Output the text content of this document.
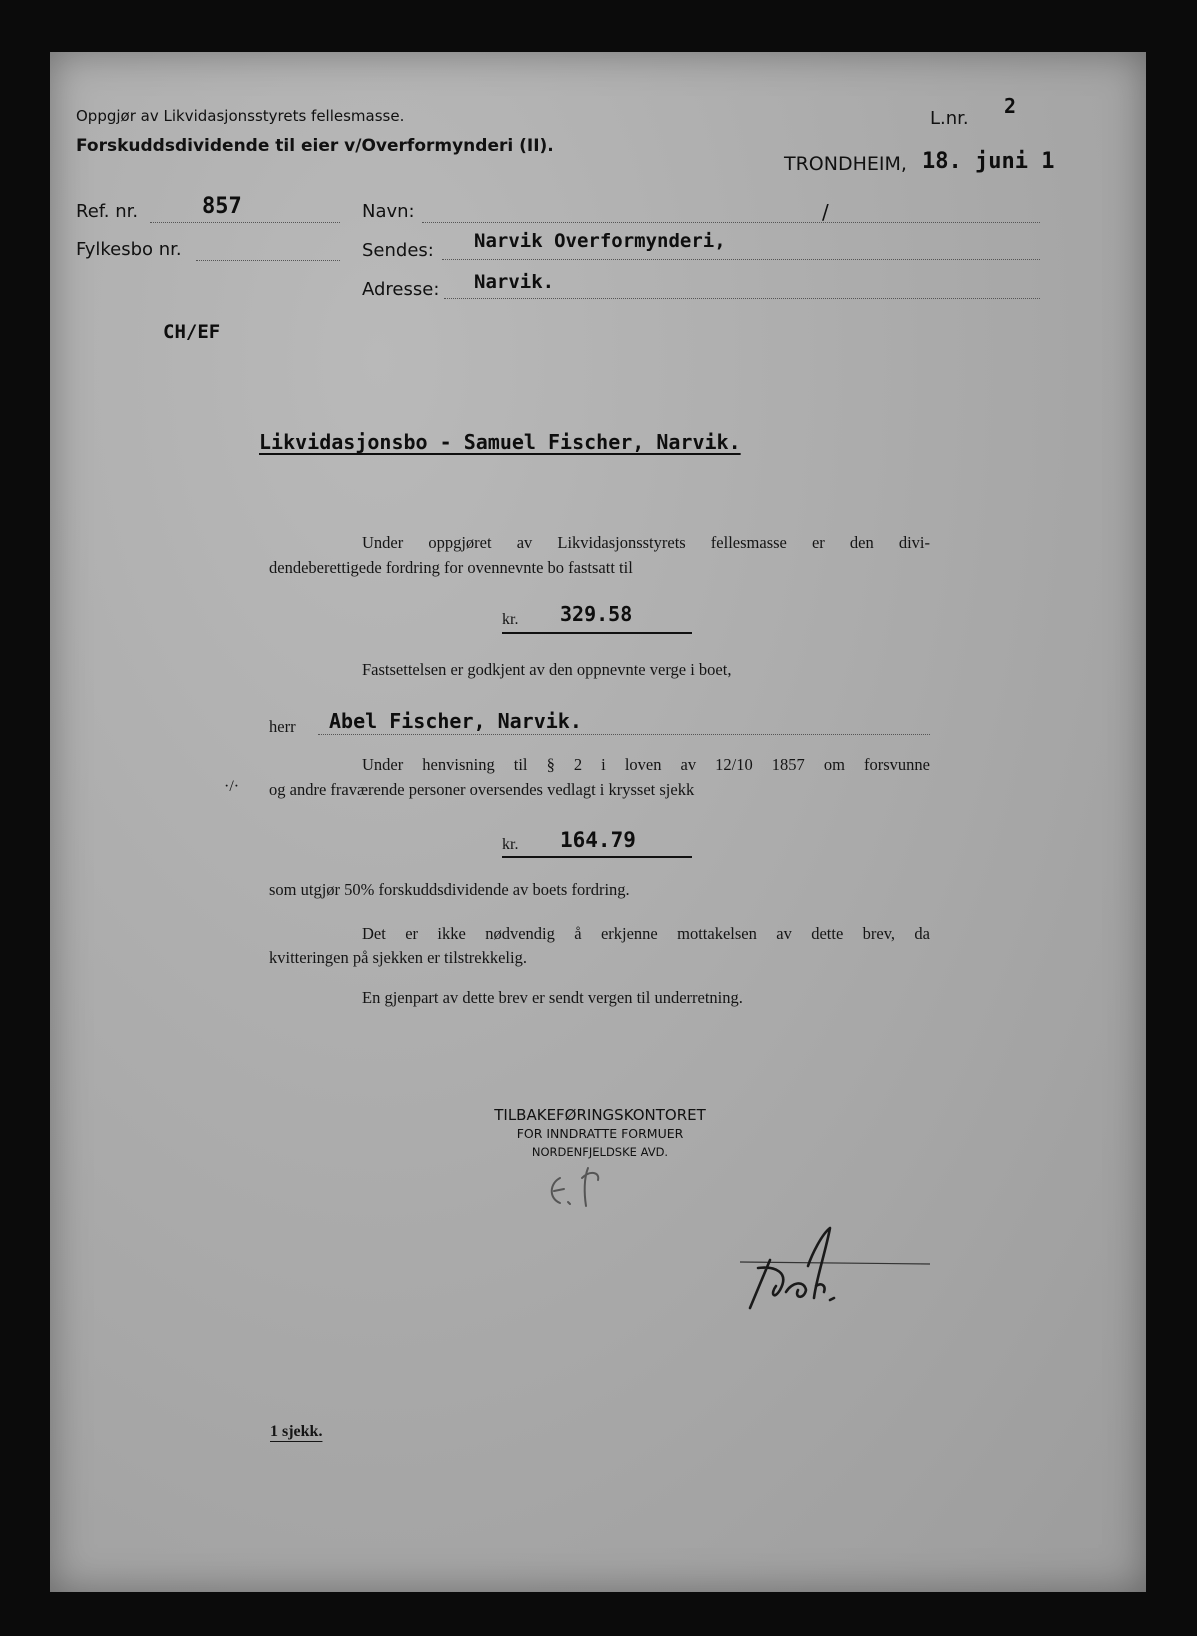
Oppgjør av Likvidasjonsstyrets fellesmasse.
Forskuddsdividende til eier v/Overformynderi (II).
L.nr.
2
TRONDHEIM, 18. juni 1
Ref. nr.	857
Fylkesbo nr.
Navn:	/
Sendes: Narvik Overformynderi,
Adresse: Narvik.
CH/EF
Likvidasjonsbo - Samuel Fischer, Narvik.
Under oppgjøret av Likvidasjonsstyrets fellesmasse er den divi-
dendeberettigede fordring for ovennevnte bo fastsatt til
kr. 329.58
Fastsettelsen er godkjent av den oppnevnte verge i boet,
herr Abel Fischer, Narvik.
Under henvisning til § 2 i loven av 12/10 1857 om forsvunne
og andre fraværende personer oversendes vedlagt i krysset sjekk
·/·
kr. 164.79
som utgjør 50% forskuddsdividende av boets fordring.
Det er ikke nødvendig å erkjenne mottakelsen av dette brev, da
kvitteringen på sjekken er tilstrekkelig.
En gjenpart av dette brev er sendt vergen til underretning.
TILBAKEFØRINGSKONTORET
FOR INNDRATTE FORMUER
NORDENFJELDSKE AVD.
1 sjekk.
